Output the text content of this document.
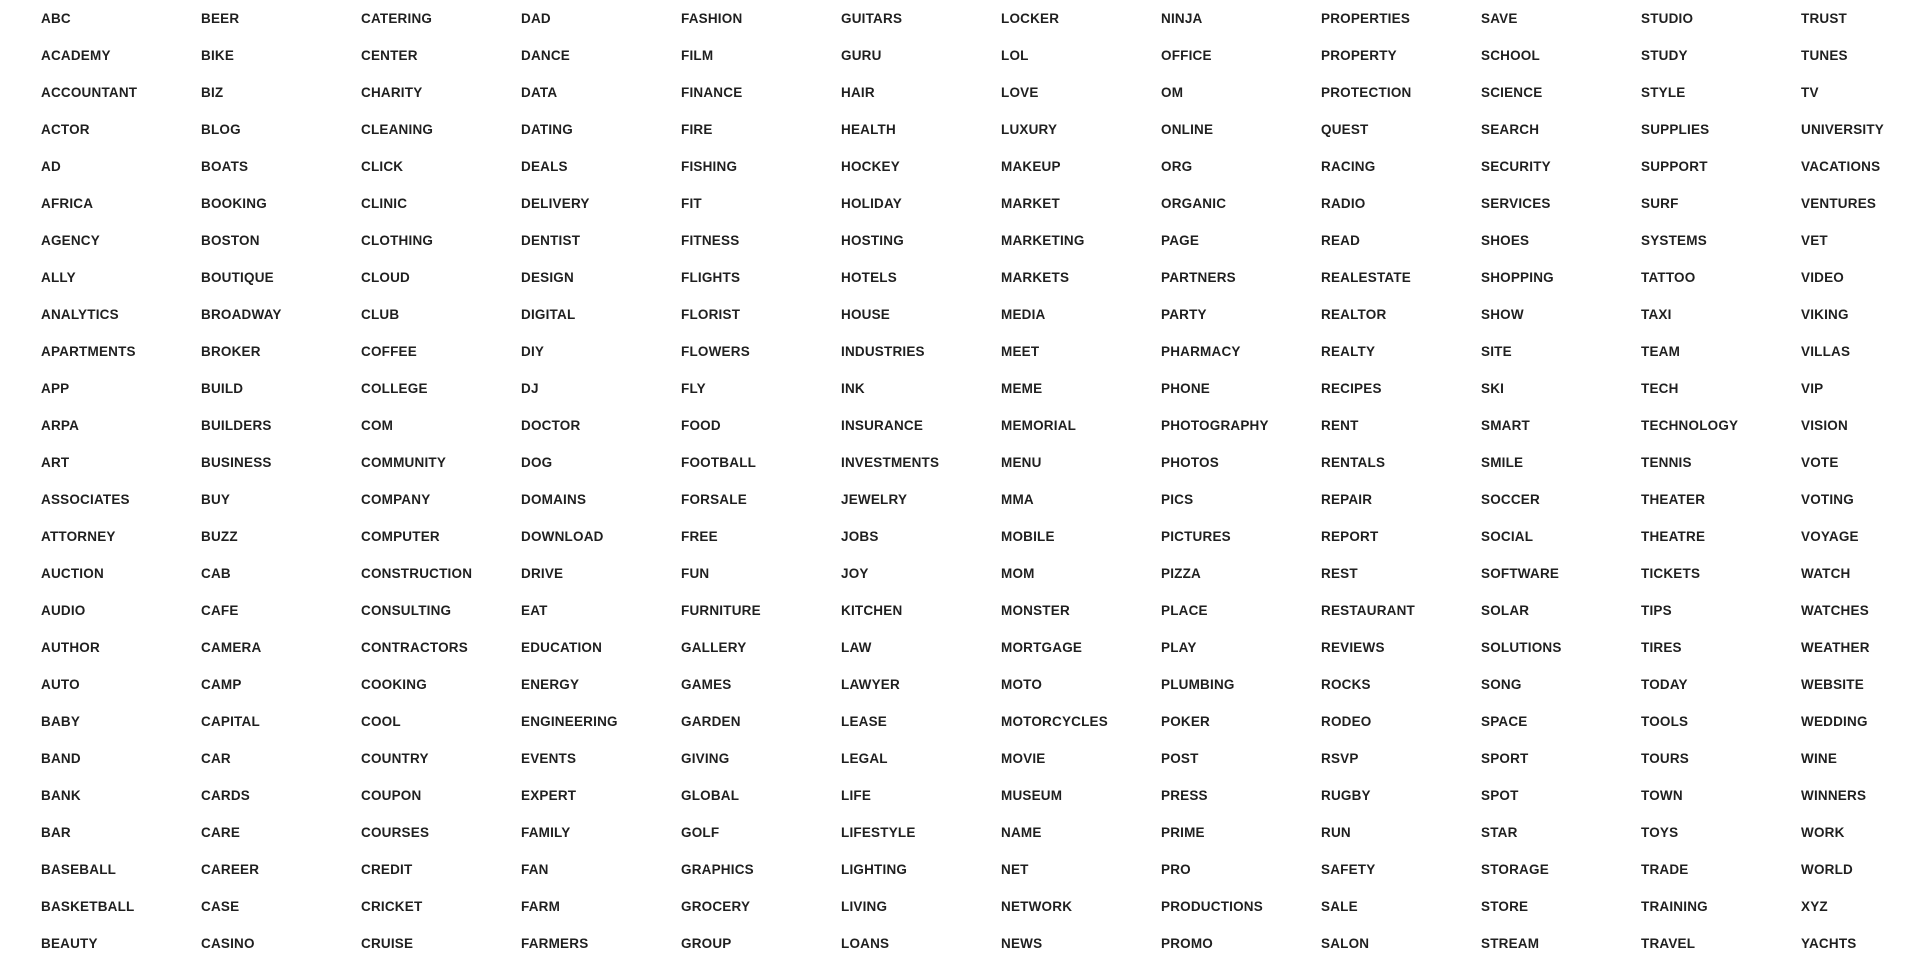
ABC
ACADEMY
ACCOUNTANT
ACTOR
AD
AFRICA
AGENCY
ALLY
ANALYTICS
APARTMENTS
APP
ARPA
ART
ASSOCIATES
ATTORNEY
AUCTION
AUDIO
AUTHOR
AUTO
BABY
BAND
BANK
BAR
BASEBALL
BASKETBALL
BEAUTY
BEER
BIKE
BIZ
BLOG
BOATS
BOOKING
BOSTON
BOUTIQUE
BROADWAY
BROKER
BUILD
BUILDERS
BUSINESS
BUY
BUZZ
CAB
CAFE
CAMERA
CAMP
CAPITAL
CAR
CARDS
CARE
CAREER
CASE
CASINO
CATERING
CENTER
CHARITY
CLEANING
CLICK
CLINIC
CLOTHING
CLOUD
CLUB
COFFEE
COLLEGE
COM
COMMUNITY
COMPANY
COMPUTER
CONSTRUCTION
CONSULTING
CONTRACTORS
COOKING
COOL
COUNTRY
COUPON
COURSES
CREDIT
CRICKET
CRUISE
DAD
DANCE
DATA
DATING
DEALS
DELIVERY
DENTIST
DESIGN
DIGITAL
DIY
DJ
DOCTOR
DOG
DOMAINS
DOWNLOAD
DRIVE
EAT
EDUCATION
ENERGY
ENGINEERING
EVENTS
EXPERT
FAMILY
FAN
FARM
FARMERS
FASHION
FILM
FINANCE
FIRE
FISHING
FIT
FITNESS
FLIGHTS
FLORIST
FLOWERS
FLY
FOOD
FOOTBALL
FORSALE
FREE
FUN
FURNITURE
GALLERY
GAMES
GARDEN
GIVING
GLOBAL
GOLF
GRAPHICS
GROCERY
GROUP
GUITARS
GURU
HAIR
HEALTH
HOCKEY
HOLIDAY
HOSTING
HOTELS
HOUSE
INDUSTRIES
INK
INSURANCE
INVESTMENTS
JEWELRY
JOBS
JOY
KITCHEN
LAW
LAWYER
LEASE
LEGAL
LIFE
LIFESTYLE
LIGHTING
LIVING
LOANS
LOCKER
LOL
LOVE
LUXURY
MAKEUP
MARKET
MARKETING
MARKETS
MEDIA
MEET
MEME
MEMORIAL
MENU
MMA
MOBILE
MOM
MONSTER
MORTGAGE
MOTO
MOTORCYCLES
MOVIE
MUSEUM
NAME
NET
NETWORK
NEWS
NINJA
OFFICE
OM
ONLINE
ORG
ORGANIC
PAGE
PARTNERS
PARTY
PHARMACY
PHONE
PHOTOGRAPHY
PHOTOS
PICS
PICTURES
PIZZA
PLACE
PLAY
PLUMBING
POKER
POST
PRESS
PRIME
PRO
PRODUCTIONS
PROMO
PROPERTIES
PROPERTY
PROTECTION
QUEST
RACING
RADIO
READ
REALESTATE
REALTOR
REALTY
RECIPES
RENT
RENTALS
REPAIR
REPORT
REST
RESTAURANT
REVIEWS
ROCKS
RODEO
RSVP
RUGBY
RUN
SAFETY
SALE
SALON
SAVE
SCHOOL
SCIENCE
SEARCH
SECURITY
SERVICES
SHOES
SHOPPING
SHOW
SITE
SKI
SMART
SMILE
SOCCER
SOCIAL
SOFTWARE
SOLAR
SOLUTIONS
SONG
SPACE
SPORT
SPOT
STAR
STORAGE
STORE
STREAM
STUDIO
STUDY
STYLE
SUPPLIES
SUPPORT
SURF
SYSTEMS
TATTOO
TAXI
TEAM
TECH
TECHNOLOGY
TENNIS
THEATER
THEATRE
TICKETS
TIPS
TIRES
TODAY
TOOLS
TOURS
TOWN
TOYS
TRADE
TRAINING
TRAVEL
TRUST
TUNES
TV
UNIVERSITY
VACATIONS
VENTURES
VET
VIDEO
VIKING
VILLAS
VIP
VISION
VOTE
VOTING
VOYAGE
WATCH
WATCHES
WEATHER
WEBSITE
WEDDING
WINE
WINNERS
WORK
WORLD
XYZ
YACHTS
